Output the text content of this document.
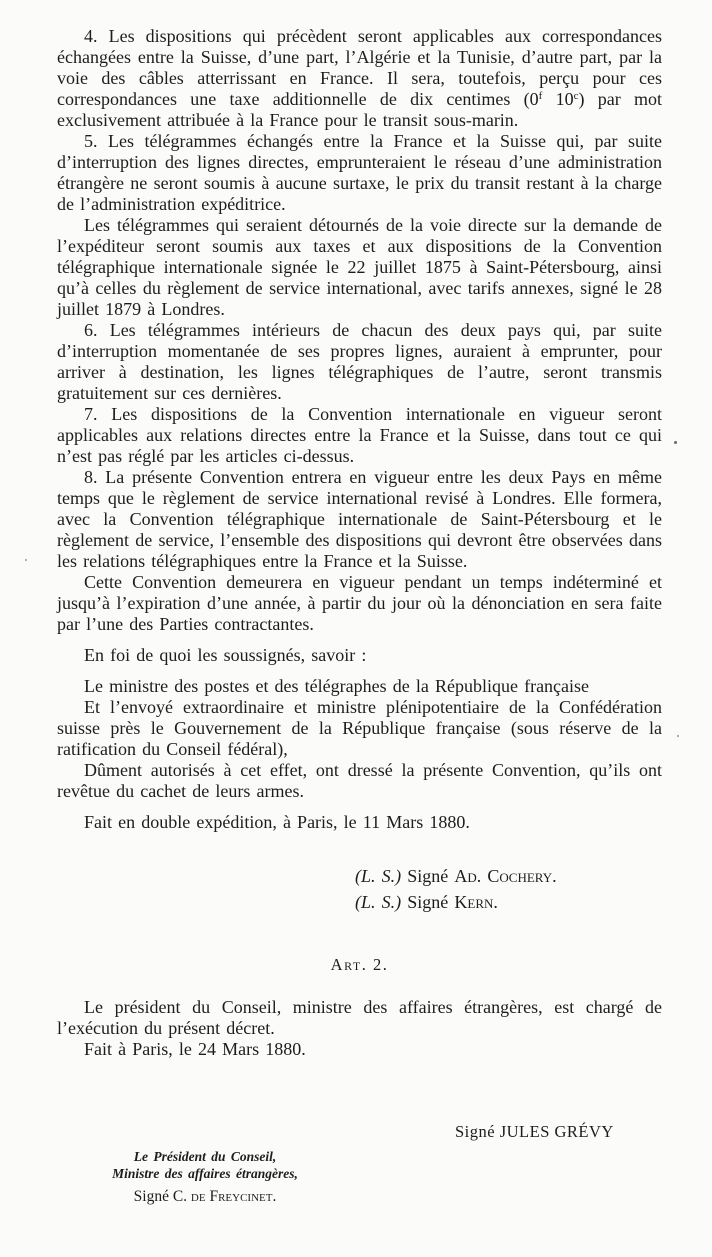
4. Les dispositions qui précèdent seront applicables aux correspondances échangées entre la Suisse, d’une part, l’Algérie et la Tunisie, d’autre part, par la voie des câbles atterrissant en France. Il sera, toutefois, perçu pour ces correspondances une taxe additionnelle de dix centimes (0$^f$ 10$^c$) par mot exclusivement attribuée à la France pour le transit sous-marin.

5. Les télégrammes échangés entre la France et la Suisse qui, par suite d’interruption des lignes directes, emprunteraient le réseau d’une administration étrangère ne seront soumis à aucune surtaxe, le prix du transit restant à la charge de l’administration expéditrice.

Les télégrammes qui seraient détournés de la voie directe sur la demande de l’expéditeur seront soumis aux taxes et aux dispositions de la Convention télégraphique internationale signée le 22 juillet 1875 à Saint-Pétersbourg, ainsi qu’à celles du règlement de service international, avec tarifs annexes, signé le 28 juillet 1879 à Londres.

6. Les télégrammes intérieurs de chacun des deux pays qui, par suite d’interruption momentanée de ses propres lignes, auraient à emprunter, pour arriver à destination, les lignes télégraphiques de l’autre, seront transmis gratuitement sur ces dernières.

7. Les dispositions de la Convention internationale en vigueur seront applicables aux relations directes entre la France et la Suisse, dans tout ce qui n’est pas réglé par les articles ci-dessus.

8. La présente Convention entrera en vigueur entre les deux Pays en même temps que le règlement de service international revisé à Londres. Elle formera, avec la Convention télégraphique internationale de Saint-Pétersbourg et le règlement de service, l’ensemble des dispositions qui devront être observées dans les relations télégraphiques entre la France et la Suisse.

Cette Convention demeurera en vigueur pendant un temps indéterminé et jusqu’à l’expiration d’une année, à partir du jour où la dénonciation en sera faite par l’une des Parties contractantes.

En foi de quoi les soussignés, savoir :

Le ministre des postes et des télégraphes de la République française

Et l’envoyé extraordinaire et ministre plénipotentiaire de la Confédération suisse près le Gouvernement de la République française (sous réserve de la ratification du Conseil fédéral),

Dûment autorisés à cet effet, ont dressé la présente Convention, qu’ils ont revêtue du cachet de leurs armes.

Fait en double expédition, à Paris, le 11 Mars 1880.

(L. S.) Signé Ad. Cochery.
(L. S.) Signé Kern.
Art. 2.

Le président du Conseil, ministre des affaires étrangères, est chargé de l’exécution du présent décret.

Fait à Paris, le 24 Mars 1880.

Signé JULES GRÉVY
Le Président du Conseil,
Ministre des affaires étrangères,
Signé C. de Freycinet.
